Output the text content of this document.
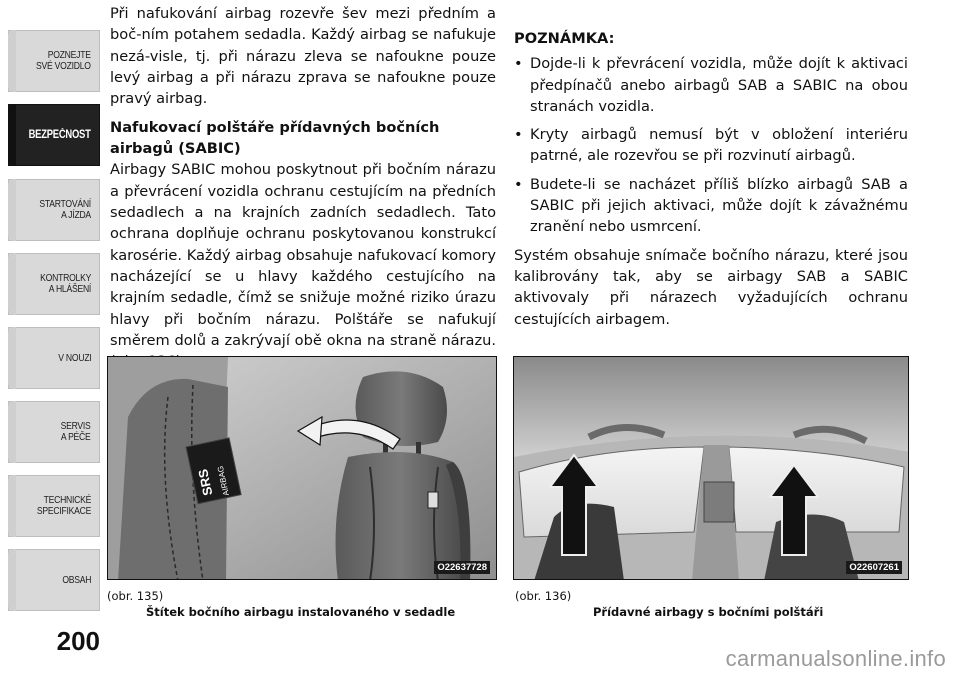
POZNEJTE
SVÉ VOZIDLO
BEZPEČNOST
STARTOVÁNÍ
A JÍZDA
KONTROLKY
A HLÁŠENÍ
V NOUZI
SERVIS
A PÉČE
TECHNICKÉ
SPECIFIKACE
OBSAH
200

Při nafukování airbag rozevře šev mezi předním a boč-ním potahem sedadla. Každý airbag se nafukuje nezá-visle, tj. při nárazu zleva se nafoukne pouze levý airbag a při nárazu zprava se nafoukne pouze pravý airbag.

Nafukovací polštáře přídavných bočních airbagů (SABIC)

Airbagy SABIC mohou poskytnout při bočním nárazu a převrácení vozidla ochranu cestujícím na předních sedadlech a na krajních zadních sedadlech. Tato ochrana doplňuje ochranu poskytovanou konstrukcí karosérie. Každý airbag obsahuje nafukovací komory nacházející se u hlavy každého cestujícího na krajním sedadle, čímž se snižuje možné riziko úrazu hlavy při bočním nárazu. Polštáře se nafukují směrem dolů a zakrývají obě okna na straně nárazu.

POZNÁMKA:
• Dojde-li k převrácení vozidla, může dojít k aktivaci předpínačů anebo airbagů SAB a SABIC na obou stranách vozidla.
• Kryty airbagů nemusí být v obložení interiéru patrné, ale rozevřou se při rozvinutí airbagů.
• Budete-li se nacházet příliš blízko airbagů SAB a SABIC při jejich aktivaci, může dojít k závažnému zranění nebo usmrcení.

Systém obsahuje snímače bočního nárazu, které jsou kalibrovány tak, aby se airbagy SAB a SABIC aktivovaly při nárazech vyžadujících ochranu cestujících airbagem.

SRS AIRBAG
O22637728
(obr. 135)
Štítek bočního airbagu instalovaného v sedadle
O22607261
(obr. 136)
Přídavné airbagy s bočními polštáři
carmanualsonline.info
